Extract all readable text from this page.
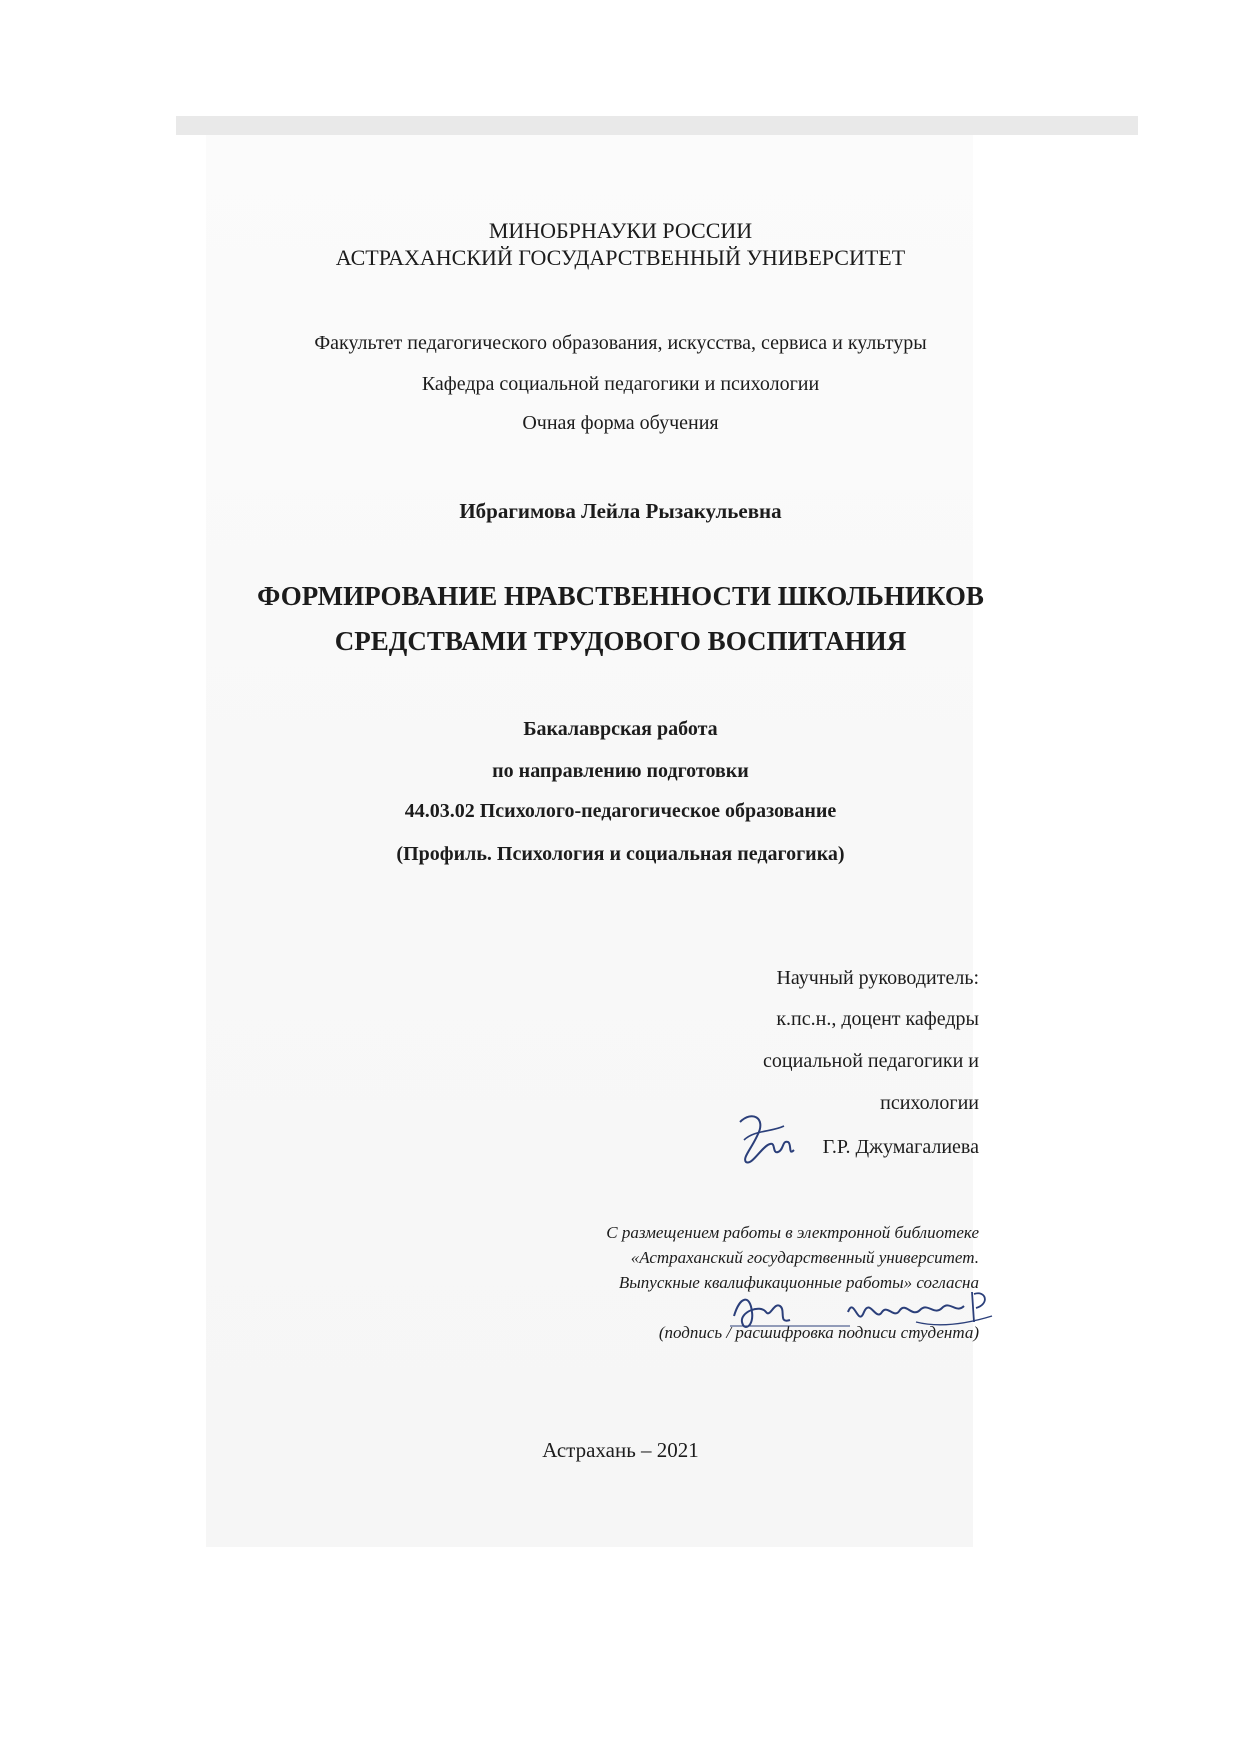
МИНОБРНАУКИ РОССИИ
АСТРАХАНСКИЙ ГОСУДАРСТВЕННЫЙ УНИВЕРСИТЕТ
Факультет педагогического образования, искусства, сервиса и культуры
Кафедра социальной педагогики и психологии
Очная форма обучения
Ибрагимова Лейла Рызакульевна
ФОРМИРОВАНИЕ НРАВСТВЕННОСТИ ШКОЛЬНИКОВ
СРЕДСТВАМИ ТРУДОВОГО ВОСПИТАНИЯ
Бакалаврская работа
по направлению подготовки
44.03.02 Психолого-педагогическое образование
(Профиль. Психология и социальная педагогика)
Научный руководитель:
к.пс.н., доцент кафедры
социальной педагогики и
психологии
Г.Р. Джумагалиева
С размещением работы в электронной библиотеке
«Астраханский государственный университет.
Выпускные квалификационные работы» согласна
(подпись / расшифровка подписи студента)
Астрахань – 2021
